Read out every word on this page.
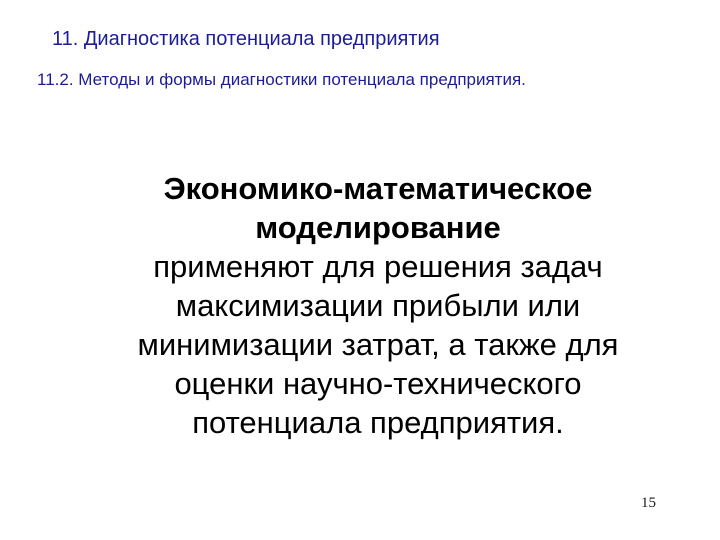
11. Диагностика потенциала предприятия
11.2. Методы и формы диагностики потенциала предприятия.
Экономико-математическое
моделирование
применяют для решения задач
максимизации прибыли или
минимизации затрат, а также для
оценки научно-технического
потенциала предприятия.
15
